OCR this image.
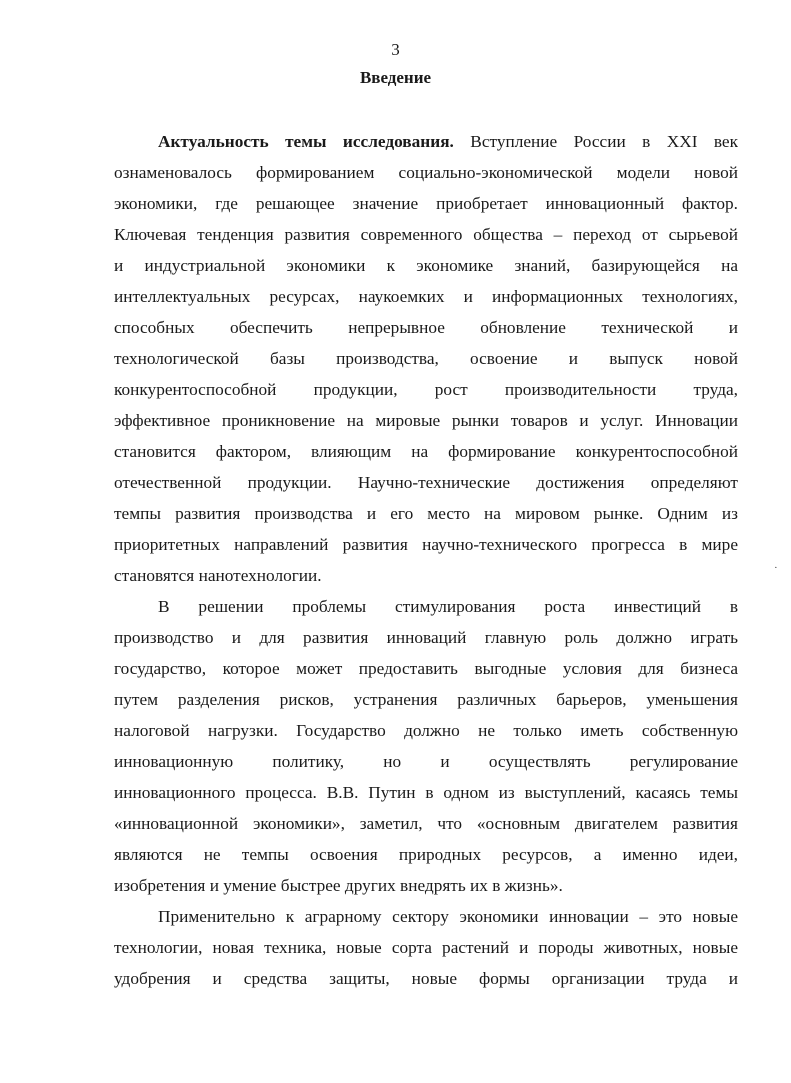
3
Введение
Актуальность темы исследования. Вступление России в XXI век
ознаменовалось формированием социально-экономической модели новой
экономики, где решающее значение приобретает инновационный фактор.
Ключевая тенденция развития современного общества – переход от сырьевой
и индустриальной экономики к экономике знаний, базирующейся на
интеллектуальных ресурсах, наукоемких и информационных технологиях,
способных обеспечить непрерывное обновление технической и
технологической базы производства, освоение и выпуск новой
конкурентоспособной продукции, рост производительности труда,
эффективное проникновение на мировые рынки товаров и услуг. Инновации
становится фактором, влияющим на формирование конкурентоспособной
отечественной продукции. Научно-технические достижения определяют
темпы развития производства и его место на мировом рынке. Одним из
приоритетных направлений развития научно-технического прогресса в мире
становятся нанотехнологии.
В решении проблемы стимулирования роста инвестиций в
производство и для развития инноваций главную роль должно играть
государство, которое может предоставить выгодные условия для бизнеса
путем разделения рисков, устранения различных барьеров, уменьшения
налоговой нагрузки. Государство должно не только иметь собственную
инновационную политику, но и осуществлять регулирование
инновационного процесса. В.В. Путин в одном из выступлений, касаясь темы
«инновационной экономики», заметил, что «основным двигателем развития
являются не темпы освоения природных ресурсов, а именно идеи,
изобретения и умение быстрее других внедрять их в жизнь».
Применительно к аграрному сектору экономики инновации – это новые
технологии, новая техника, новые сорта растений и породы животных, новые
удобрения и средства защиты, новые формы организации труда и
·
